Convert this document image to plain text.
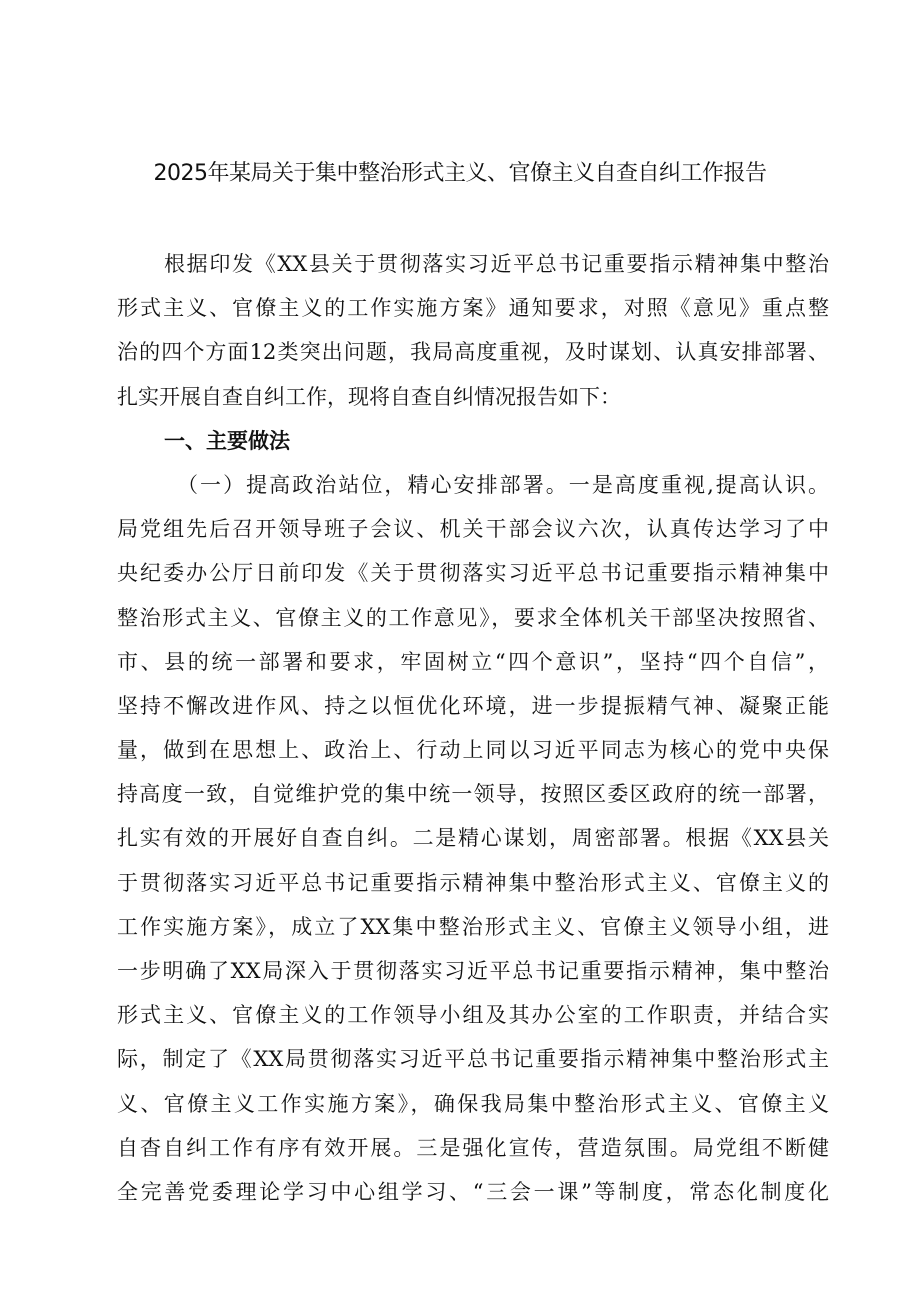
2025年某局关于集中整治形式主义、官僚主义自查自纠工作报告
根据印发《XX县关于贯彻落实习近平总书记重要指示精神集中整治
形式主义、官僚主义的工作实施方案》通知要求，对照《意见》重点整
治的四个方面12类突出问题，我局高度重视，及时谋划、认真安排部署、
扎实开展自查自纠工作，现将自查自纠情况报告如下：
一、主要做法
（一）提高政治站位，精心安排部署。一是高度重视,提高认识。
局党组先后召开领导班子会议、机关干部会议六次，认真传达学习了中
央纪委办公厅日前印发《关于贯彻落实习近平总书记重要指示精神集中
整治形式主义、官僚主义的工作意见》，要求全体机关干部坚决按照省、
市、县的统一部署和要求，牢固树立“四个意识”，坚持“四个自信”，
坚持不懈改进作风、持之以恒优化环境，进一步提振精气神、凝聚正能
量，做到在思想上、政治上、行动上同以习近平同志为核心的党中央保
持高度一致，自觉维护党的集中统一领导，按照区委区政府的统一部署，
扎实有效的开展好自查自纠。二是精心谋划，周密部署。根据《XX县关
于贯彻落实习近平总书记重要指示精神集中整治形式主义、官僚主义的
工作实施方案》，成立了XX集中整治形式主义、官僚主义领导小组，进
一步明确了XX局深入于贯彻落实习近平总书记重要指示精神，集中整治
形式主义、官僚主义的工作领导小组及其办公室的工作职责，并结合实
际，制定了《XX局贯彻落实习近平总书记重要指示精神集中整治形式主
义、官僚主义工作实施方案》，确保我局集中整治形式主义、官僚主义
自杳自纠工作有序有效开展。三是强化宣传，营造氛围。局党组不断健
全完善党委理论学习中心组学习、“三会一课”等制度，常态化制度化
